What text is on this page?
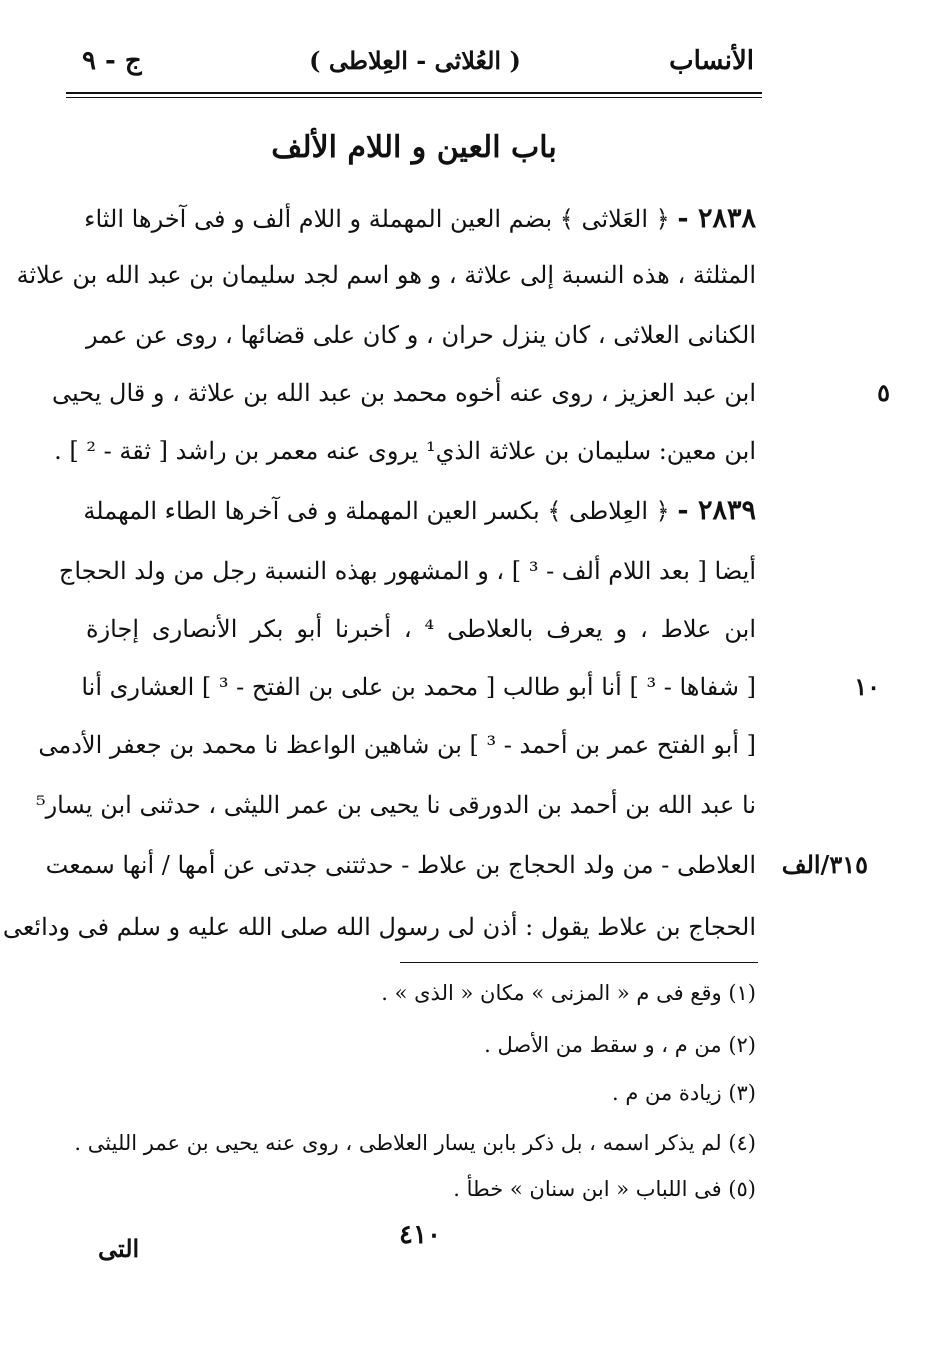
ج - ٩	( العُلاثى - العِلاطى )	الأنساب
باب العين و اللام الألف
٢٨٣٨ - ﴿ العَلاثى ﴾ بضم العين المهملة و اللام ألف و فى آخرها الثاء
المثلثة ، هذه النسبة إلى علاثة ، و هو اسم لجد سليمان بن عبد الله بن علاثة
الكنانى العلاثى ، كان ينزل حران ، و كان على قضائها ، روى عن عمر
ابن عبد العزيز ، روى عنه أخوه محمد بن عبد الله بن علاثة ، و قال يحيى
ابن معين: سليمان بن علاثة الذي¹ يروى عنه معمر بن راشد [ ثقة - ² ] .
٢٨٣٩ - ﴿ العِلاطى ﴾ بكسر العين المهملة و فى آخرها الطاء المهملة
أيضا [ بعد اللام ألف - ³ ] ، و المشهور بهذه النسبة رجل من ولد الحجاج
ابن علاط ، و يعرف بالعلاطى ⁴ ، أخبرنا أبو بكر الأنصارى إجازة
[ شفاها - ³ ] أنا أبو طالب [ محمد بن على بن الفتح - ³ ] العشارى أنا
[ أبو الفتح عمر بن أحمد - ³ ] بن شاهين الواعظ نا محمد بن جعفر الأدمى
نا عبد الله بن أحمد بن الدورقى نا يحيى بن عمر الليثى ، حدثنى ابن يسار⁵
العلاطى - من ولد الحجاج بن علاط - حدثتنى جدتى عن أمها / أنها سمعت
الحجاج بن علاط يقول : أذن لى رسول الله صلى الله عليه و سلم فى ودائعى
٥
١٠
٣١٥/الف
(١) وقع فى م « المزنى » مكان « الذى » .
(٢) من م ، و سقط من الأصل .
(٣) زيادة من م .
(٤) لم يذكر اسمه ، بل ذكر بابن يسار العلاطى ، روى عنه يحيى بن عمر الليثى .
(٥) فى اللباب « ابن سنان » خطأ .
٤١٠
التى
